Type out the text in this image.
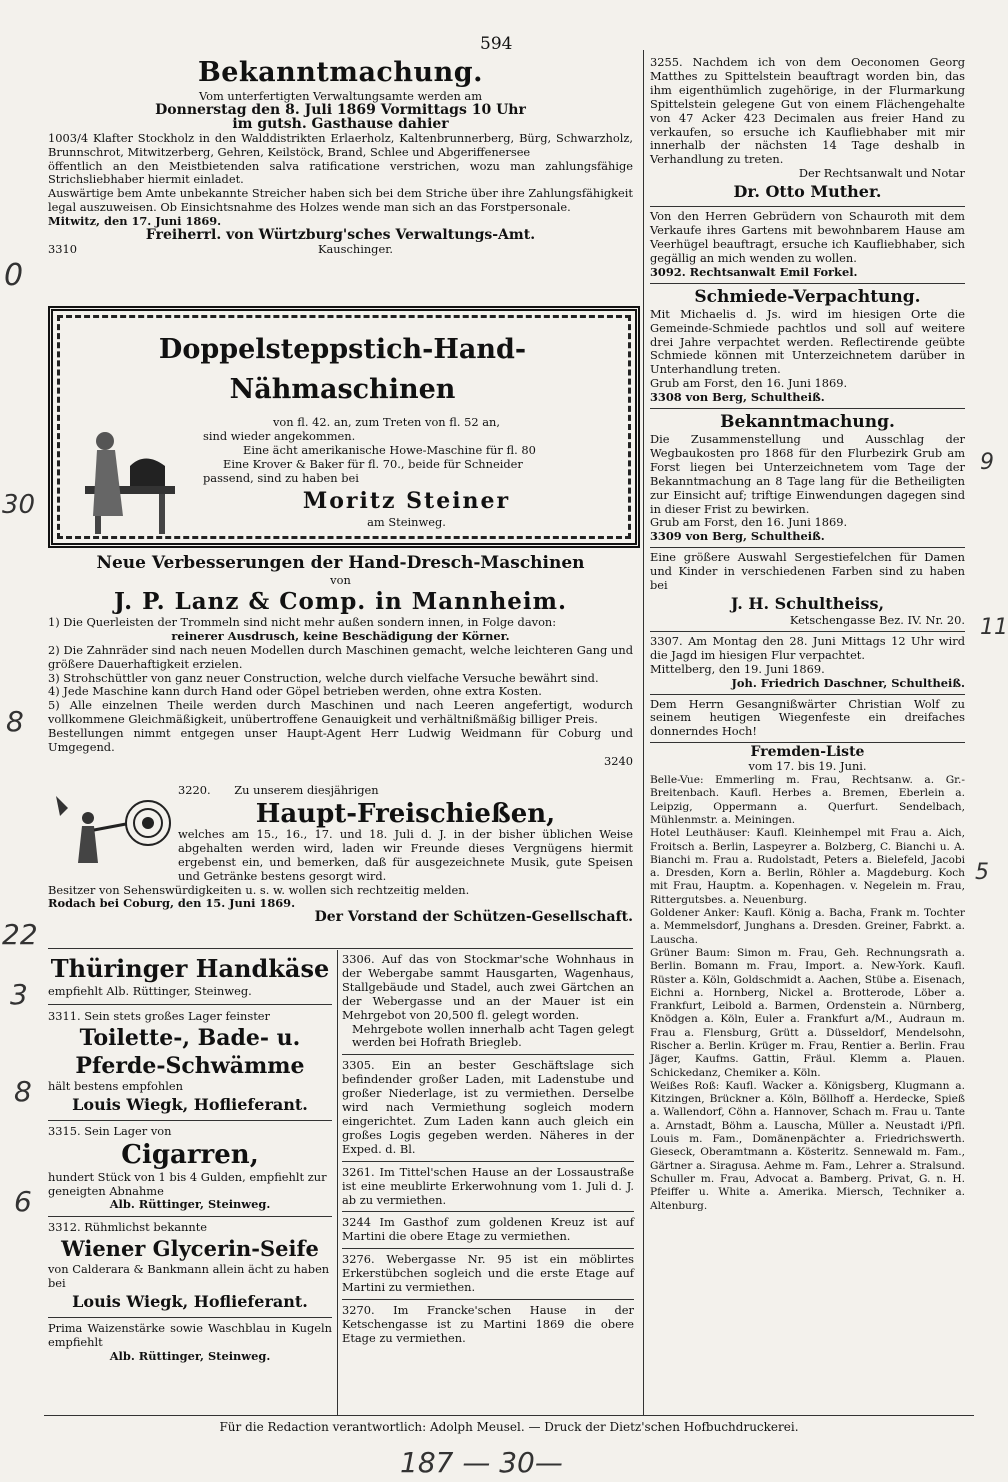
594

Bekanntmachung.

Vom unterfertigten Verwaltungsamte werden am

Donnerstag den 8. Juli 1869 Vormittags 10 Uhr

im gutsh. Gasthause dahier

1003/4 Klafter Stockholz in den Walddistrikten Erlaerholz, Kaltenbrunnerberg, Bürg, Schwarzholz, Brunnschrot, Mitwitzerberg, Gehren, Keilstöck, Brand, Schlee und Abgeriffenersee

öffentlich an den Meistbietenden salva ratificatione verstrichen, wozu man zahlungsfähige Strichsliebhaber hiermit einladet.

Auswärtige bem Amte unbekannte Streicher haben sich bei dem Striche über ihre Zahlungsfähigkeit legal auszuweisen. Ob Einsichtsnahme des Holzes wende man sich an das Forstpersonale.

Mitwitz, den 17. Juni 1869.

Freiherrl. von Würtzburg'sches Verwaltungs-Amt.

3310	Kauschinger.

Doppelsteppstich-Hand-Nähmaschinen

von fl. 42. an, zum Treten von fl. 52 an,

sind wieder angekommen.

Eine ächt amerikanische Howe-Maschine für fl. 80

Eine Krover & Baker für fl. 70., beide für Schneider

passend, sind zu haben bei

Moritz Steiner

am Steinweg.

Neue Verbesserungen der Hand-Dresch-Maschinen

von

J. P. Lanz & Comp. in Mannheim.

1) Die Querleisten der Trommeln sind nicht mehr außen sondern innen, in Folge davon:

reinerer Ausdrusch, keine Beschädigung der Körner.

2) Die Zahnräder sind nach neuen Modellen durch Maschinen gemacht, welche leichteren Gang und größere Dauerhaftigkeit erzielen.

3) Strohschüttler von ganz neuer Construction, welche durch vielfache Versuche bewährt sind.

4) Jede Maschine kann durch Hand oder Göpel betrieben werden, ohne extra Kosten.

5) Alle einzelnen Theile werden durch Maschinen und nach Leeren angefertigt, wodurch vollkommene Gleichmäßigkeit, unübertroffene Genauigkeit und verhältnißmäßig billiger Preis.

Bestellungen nimmt entgegen unser Haupt-Agent Herr Ludwig Weidmann für Coburg und Umgegend.

3240

3220. Zu unserem diesjährigen

Haupt-Freischießen,

welches am 15., 16., 17. und 18. Juli d. J. in der bisher üblichen Weise abgehalten werden wird, laden wir Freunde dieses Vergnügens hiermit ergebenst ein, und bemerken, daß für ausgezeichnete Musik, gute Speisen und Getränke bestens gesorgt wird.

Besitzer von Sehenswürdigkeiten u. s. w. wollen sich rechtzeitig melden.

Rodach bei Coburg, den 15. Juni 1869.

Der Vorstand der Schützen-Gesellschaft.

Thüringer Handkäse

empfiehlt Alb. Rüttinger, Steinweg.

3311. Sein stets großes Lager feinster

Toilette-, Bade- u. Pferde-Schwämme

hält bestens empfohlen

Louis Wiegk, Hoflieferant.

3315. Sein Lager von

Cigarren,

hundert Stück von 1 bis 4 Gulden, empfiehlt zur geneigten Abnahme

Alb. Rüttinger, Steinweg.

3312. Rühmlichst bekannte

Wiener Glycerin-Seife

von Calderara & Bankmann allein ächt zu haben bei

Louis Wiegk, Hoflieferant.

Prima Waizenstärke sowie Waschblau in Kugeln empfiehlt

Alb. Rüttinger, Steinweg.

3306. Auf das von Stockmar'sche Wohnhaus in der Webergabe sammt Hausgarten, Wagenhaus, Stallgebäude und Stadel, auch zwei Gärtchen an der Webergasse und an der Mauer ist ein Mehrgebot von 20,500 fl. gelegt worden.

Mehrgebote wollen innerhalb acht Tagen gelegt werden bei Hofrath Briegleb.

3305. Ein an bester Geschäftslage sich befindender großer Laden, mit Ladenstube und großer Niederlage, ist zu vermiethen. Derselbe wird nach Vermiethung sogleich modern eingerichtet. Zum Laden kann auch gleich ein großes Logis gegeben werden. Näheres in der Exped. d. Bl.

3261. Im Tittel'schen Hause an der Lossaustraße ist eine meublirte Erkerwohnung vom 1. Juli d. J. ab zu vermiethen.

3244 Im Gasthof zum goldenen Kreuz ist auf Martini die obere Etage zu vermiethen.

3276. Webergasse Nr. 95 ist ein möblirtes Erkerstübchen sogleich und die erste Etage auf Martini zu vermiethen.

3270. Im Francke'schen Hause in der Ketschengasse ist zu Martini 1869 die obere Etage zu vermiethen.

3255. Nachdem ich von dem Oeconomen Georg Matthes zu Spittelstein beauftragt worden bin, das ihm eigenthümlich zugehörige, in der Flurmarkung Spittelstein gelegene Gut von einem Flächengehalte von 47 Acker 423 Decimalen aus freier Hand zu verkaufen, so ersuche ich Kaufliebhaber mit mir innerhalb der nächsten 14 Tage deshalb in Verhandlung zu treten.

Der Rechtsanwalt und Notar

Dr. Otto Muther.

Von den Herren Gebrüdern von Schauroth mit dem Verkaufe ihres Gartens mit bewohnbarem Hause am Veerhügel beauftragt, ersuche ich Kaufliebhaber, sich gegällig an mich wenden zu wollen.

3092. Rechtsanwalt Emil Forkel.

Schmiede-Verpachtung.

Mit Michaelis d. Js. wird im hiesigen Orte die Gemeinde-Schmiede pachtlos und soll auf weitere drei Jahre verpachtet werden. Reflectirende geübte Schmiede können mit Unterzeichnetem darüber in Unterhandlung treten.

Grub am Forst, den 16. Juni 1869.

3308 von Berg, Schultheiß.

Bekanntmachung.

Die Zusammenstellung und Ausschlag der Wegbaukosten pro 1868 für den Flurbezirk Grub am Forst liegen bei Unterzeichnetem vom Tage der Bekanntmachung an 8 Tage lang für die Betheiligten zur Einsicht auf; triftige Einwendungen dagegen sind in dieser Frist zu bewirken.

Grub am Forst, den 16. Juni 1869.

3309 von Berg, Schultheiß.

Eine größere Auswahl Sergestiefelchen für Damen und Kinder in verschiedenen Farben sind zu haben bei

J. H. Schultheiss,

Ketschengasse Bez. IV. Nr. 20.

3307. Am Montag den 28. Juni Mittags 12 Uhr wird die Jagd im hiesigen Flur verpachtet.

Mittelberg, den 19. Juni 1869.

Joh. Friedrich Daschner, Schultheiß.

Dem Herrn Gesangnißwärter Christian Wolf zu seinem heutigen Wiegenfeste ein dreifaches donnerndes Hoch!

Fremden-Liste

vom 17. bis 19. Juni.

Belle-Vue: Emmerling m. Frau, Rechtsanw. a. Gr.-Breitenbach. Kaufl. Herbes a. Bremen, Eberlein a. Leipzig, Oppermann a. Querfurt. Sendelbach, Mühlenmstr. a. Meiningen.

Hotel Leuthäuser: Kaufl. Kleinhempel mit Frau a. Aich, Froitsch a. Berlin, Laspeyrer a. Bolzberg, C. Bianchi u. A. Bianchi m. Frau a. Rudolstadt, Peters a. Bielefeld, Jacobi a. Dresden, Korn a. Berlin, Röhler a. Magdeburg. Koch mit Frau, Hauptm. a. Kopenhagen. v. Negelein m. Frau, Rittergutsbes. a. Neuenburg.

Goldener Anker: Kaufl. König a. Bacha, Frank m. Tochter a. Memmelsdorf, Junghans a. Dresden. Greiner, Fabrkt. a. Lauscha.

Grüner Baum: Simon m. Frau, Geh. Rechnungsrath a. Berlin. Bomann m. Frau, Import. a. New-York. Kaufl. Rüster a. Köln, Goldschmidt a. Aachen, Stübe a. Eisenach, Eichni a. Hornberg, Nickel a. Brotterode, Löber a. Frankfurt, Leibold a. Barmen, Ordenstein a. Nürnberg, Knödgen a. Köln, Euler a. Frankfurt a/M., Audraun m. Frau a. Flensburg, Grütt a. Düsseldorf, Mendelsohn, Rischer a. Berlin. Krüger m. Frau, Rentier a. Berlin. Frau Jäger, Kaufms. Gattin, Fräul. Klemm a. Plauen. Schickedanz, Chemiker a. Köln.

Weißes Roß: Kaufl. Wacker a. Königsberg, Klugmann a. Kitzingen, Brückner a. Köln, Böllhoff a. Herdecke, Spieß a. Wallendorf, Cöhn a. Hannover, Schach m. Frau u. Tante a. Arnstadt, Böhm a. Lauscha, Müller a. Neustadt i/Pfl. Louis m. Fam., Domänenpächter a. Friedrichswerth. Gieseck, Oberamtmann a. Kösteritz. Sennewald m. Fam., Gärtner a. Siragusa. Aehme m. Fam., Lehrer a. Stralsund. Schuller m. Frau, Advocat a. Bamberg. Privat, G. n. H. Pfeiffer u. White a. Amerika. Miersch, Techniker a. Altenburg.

Für die Redaction verantwortlich: Adolph Meusel. — Druck der Dietz'schen Hofbuchdruckerei.
0
30
8
22
3
8
6
187 — 30—
11
9
5
